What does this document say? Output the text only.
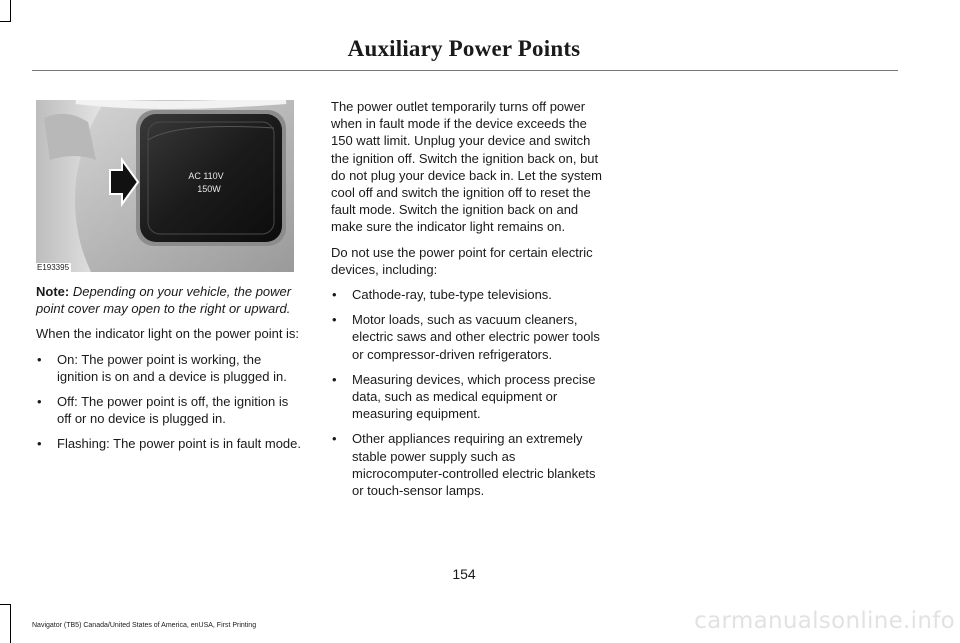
Auxiliary Power Points
AC 110V
150W
E193395

Note: Depending on your vehicle, the power point cover may open to the right or upward.

When the indicator light on the power point is:

• On: The power point is working, the ignition is on and a device is plugged in.
• Off: The power point is off, the ignition is off or no device is plugged in.
• Flashing: The power point is in fault mode.

The power outlet temporarily turns off power when in fault mode if the device exceeds the 150 watt limit. Unplug your device and switch the ignition off. Switch the ignition back on, but do not plug your device back in. Let the system cool off and switch the ignition off to reset the fault mode. Switch the ignition back on and make sure the indicator light remains on.

Do not use the power point for certain electric devices, including:

• Cathode-ray, tube-type televisions.
• Motor loads, such as vacuum cleaners, electric saws and other electric power tools or compressor-driven refrigerators.
• Measuring devices, which process precise data, such as medical equipment or measuring equipment.
• Other appliances requiring an extremely stable power supply such as microcomputer-controlled electric blankets or touch-sensor lamps.
154
Navigator (TB5) Canada/United States of America, enUSA, First Printing	carmanualsonline.info
